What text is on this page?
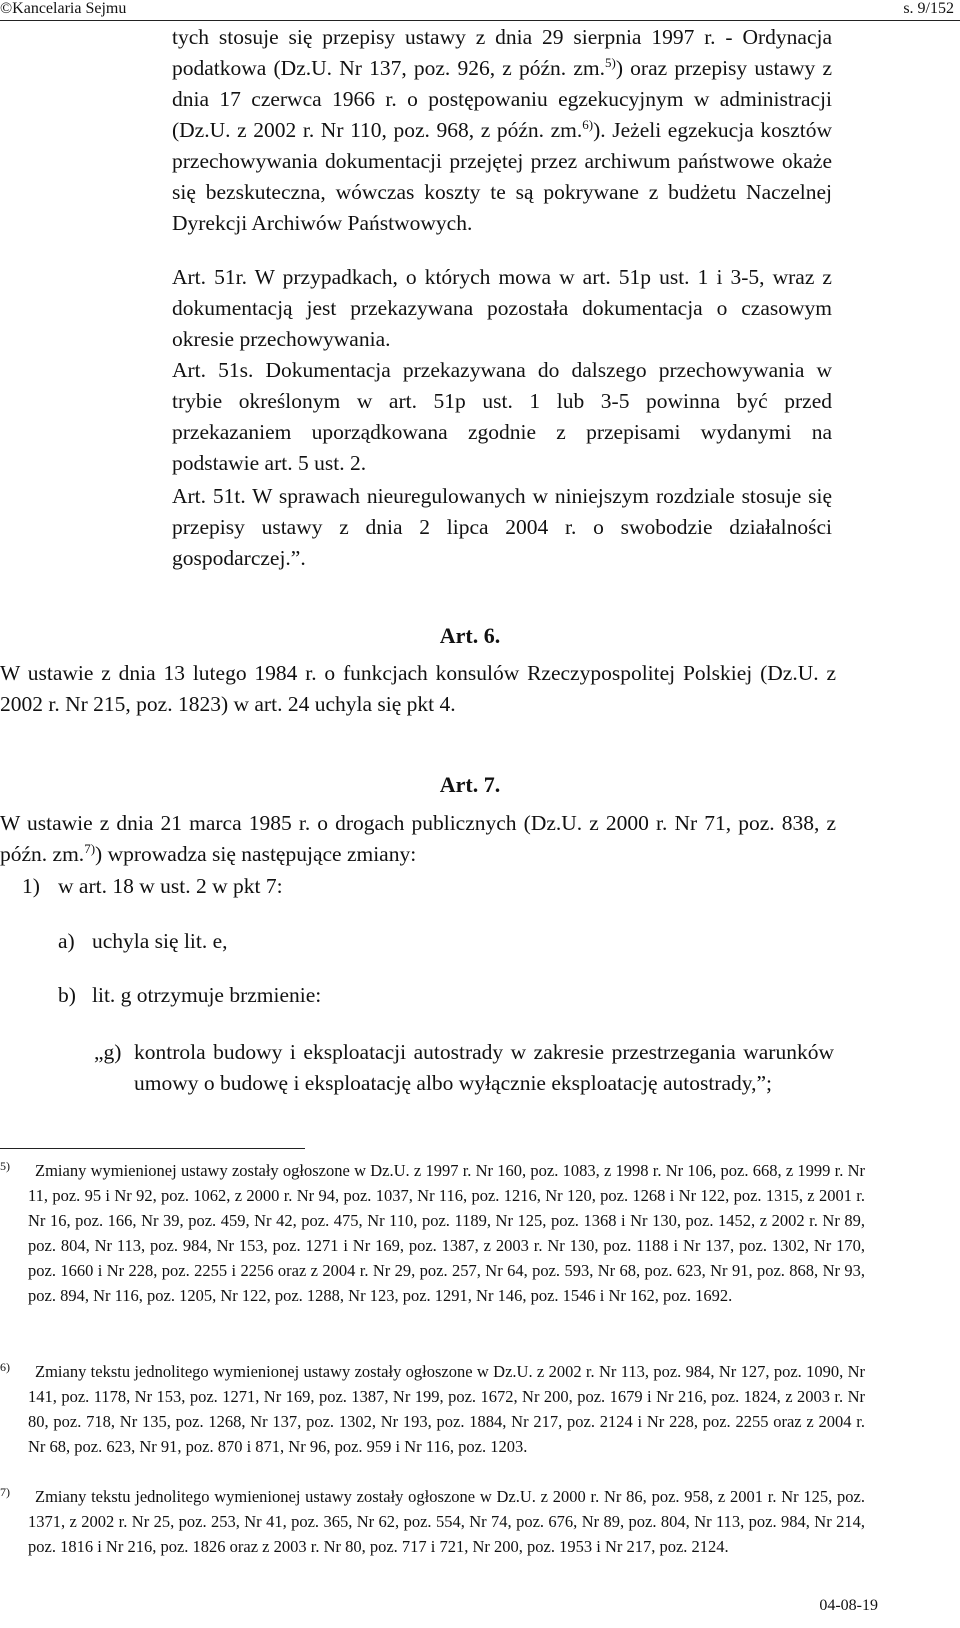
©Kancelaria Sejmu	s. 9/152
tych stosuje się przepisy ustawy z dnia 29 sierpnia 1997 r. - Ordynacja podatkowa (Dz.U. Nr 137, poz. 926, z późn. zm.$^{5)}$) oraz przepisy ustawy z dnia 17 czerwca 1966 r. o postępowaniu egzekucyjnym w administracji (Dz.U. z 2002 r. Nr 110, poz. 968, z późn. zm.$^{6)}$). Jeżeli egzekucja kosztów przechowywania dokumentacji przejętej przez archiwum państwowe okaże się bezskuteczna, wówczas koszty te są pokrywane z budżetu Naczelnej Dyrekcji Archiwów Państwowych.
Art. 51r. W przypadkach, o których mowa w art. 51p ust. 1 i 3-5, wraz z dokumentacją jest przekazywana pozostała dokumentacja o czasowym okresie przechowywania.
Art. 51s. Dokumentacja przekazywana do dalszego przechowywania w trybie określonym w art. 51p ust. 1 lub 3-5 powinna być przed przekazaniem uporządkowana zgodnie z przepisami wydanymi na podstawie art. 5 ust. 2.
Art. 51t. W sprawach nieuregulowanych w niniejszym rozdziale stosuje się przepisy ustawy z dnia 2 lipca 2004 r. o swobodzie działalności gospodarczej.”.
Art. 6.
W ustawie z dnia 13 lutego 1984 r. o funkcjach konsulów Rzeczypospolitej Polskiej (Dz.U. z 2002 r. Nr 215, poz. 1823) w art. 24 uchyla się pkt 4.
Art. 7.
W ustawie z dnia 21 marca 1985 r. o drogach publicznych (Dz.U. z 2000 r. Nr 71, poz. 838, z późn. zm.$^{7)}$) wprowadza się następujące zmiany:
1) w art. 18 w ust. 2 w pkt 7:
a) uchyla się lit. e,
b) lit. g otrzymuje brzmienie:
„g) kontrola budowy i eksploatacji autostrady w zakresie przestrzegania warunków umowy o budowę i eksploatację albo wyłącznie eksploatację autostrady,”;
5)	Zmiany wymienionej ustawy zostały ogłoszone w Dz.U. z 1997 r. Nr 160, poz. 1083, z 1998 r. Nr 106, poz. 668, z 1999 r. Nr 11, poz. 95 i Nr 92, poz. 1062, z 2000 r. Nr 94, poz. 1037, Nr 116, poz. 1216, Nr 120, poz. 1268 i Nr 122, poz. 1315, z 2001 r. Nr 16, poz. 166, Nr 39, poz. 459, Nr 42, poz. 475, Nr 110, poz. 1189, Nr 125, poz. 1368 i Nr 130, poz. 1452, z 2002 r. Nr 89, poz. 804, Nr 113, poz. 984, Nr 153, poz. 1271 i Nr 169, poz. 1387, z 2003 r. Nr 130, poz. 1188 i Nr 137, poz. 1302, Nr 170, poz. 1660 i Nr 228, poz. 2255 i 2256 oraz z 2004 r. Nr 29, poz. 257, Nr 64, poz. 593, Nr 68, poz. 623, Nr 91, poz. 868, Nr 93, poz. 894, Nr 116, poz. 1205, Nr 122, poz. 1288, Nr 123, poz. 1291, Nr 146, poz. 1546 i Nr 162, poz. 1692.
6)	Zmiany tekstu jednolitego wymienionej ustawy zostały ogłoszone w Dz.U. z 2002 r. Nr 113, poz. 984, Nr 127, poz. 1090, Nr 141, poz. 1178, Nr 153, poz. 1271, Nr 169, poz. 1387, Nr 199, poz. 1672, Nr 200, poz. 1679 i Nr 216, poz. 1824, z 2003 r. Nr 80, poz. 718, Nr 135, poz. 1268, Nr 137, poz. 1302, Nr 193, poz. 1884, Nr 217, poz. 2124 i Nr 228, poz. 2255 oraz z 2004 r. Nr 68, poz. 623, Nr 91, poz. 870 i 871, Nr 96, poz. 959 i Nr 116, poz. 1203.
7)	Zmiany tekstu jednolitego wymienionej ustawy zostały ogłoszone w Dz.U. z 2000 r. Nr 86, poz. 958, z 2001 r. Nr 125, poz. 1371, z 2002 r. Nr 25, poz. 253, Nr 41, poz. 365, Nr 62, poz. 554, Nr 74, poz. 676, Nr 89, poz. 804, Nr 113, poz. 984, Nr 214, poz. 1816 i Nr 216, poz. 1826 oraz z 2003 r. Nr 80, poz. 717 i 721, Nr 200, poz. 1953 i Nr 217, poz. 2124.
04-08-19
